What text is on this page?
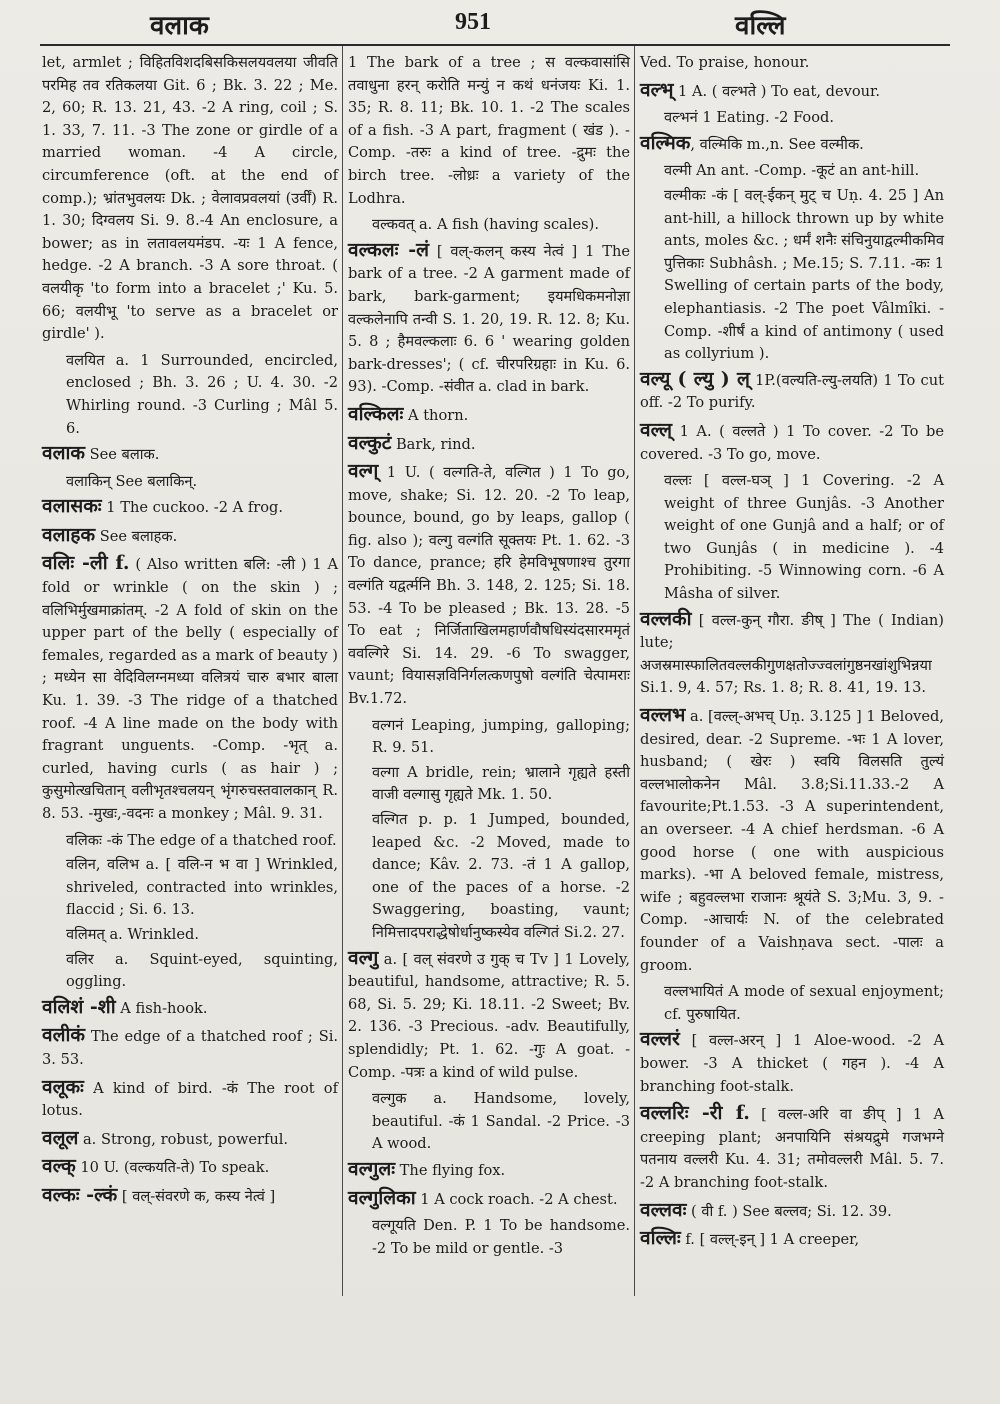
वलाक	951	वल्लि
let, armlet ; विहितविशदबिसकिसलयवलया जीवति परमिह तव रतिकलया Git. 6 ; Bk. 3. 22 ; Me. 2, 60; R. 13. 21, 43. -2 A ring, coil ; S. 1. 33, 7. 11. -3 The zone or girdle of a married woman. -4 A circle, circumference (oft. at the end of comp.); भ्रांतभुवलयः Dk. ; वेलावप्रवलयां (उर्वीं) R. 1. 30; दिग्वलय Si. 9. 8.-4 An enclosure, a bower; as in लतावलयमंडप. -यः 1 A fence, hedge. -2 A branch. -3 A sore throat. ( वलयीकृ 'to form into a bracelet ;' Ku. 5. 66; वलयीभू 'to serve as a bracelet or girdle' ).
वलयित a. 1 Surrounded, encircled, enclosed ; Bh. 3. 26 ; U. 4. 30. -2 Whirling round. -3 Curling ; Mâl 5. 6.
वलाक See बलाक.
वलाकिन् See बलाकिन्.
वलासकः 1 The cuckoo. -2 A frog.
वलाहक See बलाहक.
वलिः -ली f. ( Also written बलि: -ली ) 1 A fold or wrinkle ( on the skin ) ; वलिभिर्मुखमाक्रांतम्. -2 A fold of skin on the upper part of the belly ( especially of females, regarded as a mark of beauty ) ; मध्येन सा वेदिविलग्नमध्या वलित्रयं चारु बभार बाला Ku. 1. 39. -3 The ridge of a thatched roof. -4 A line made on the body with fragrant unguents. -Comp. -भृत् a. curled, having curls ( as hair ) ; कुसुमोत्खचितान् वलीभृतश्चलयन् भृंगरुचस्तवालकान् R. 8. 53. -मुखः,-वदनः a monkey ; Mâl. 9. 31.
वलिकः -कं The edge of a thatched roof.
वलिन, वलिभ a. [ वलि-न भ वा ] Wrinkled, shriveled, contracted into wrinkles, flaccid ; Si. 6. 13.
वलिमत् a. Wrinkled.
वलिर a. Squint-eyed, squinting, oggling.
वलिशं -शी A fish-hook.
वलीकं The edge of a thatched roof ; Si. 3. 53.
वलूकः A kind of bird. -कं The root of lotus.
वलूल a. Strong, robust, powerful.
वल्क् 10 U. (वल्कयति-ते) To speak.
वल्कः -ल्कं [ वल्-संवरणे क, कस्य नेत्वं ]
1 The bark of a tree ; स वल्कवासांसि तवाधुना हरन् करोति मन्युं न कथं धनंजयः Ki. 1. 35; R. 8. 11; Bk. 10. 1. -2 The scales of a fish. -3 A part, fragment ( खंड ). -Comp. -तरुः a kind of tree. -द्रुमः the birch tree. -लोध्रः a variety of the Lodhra.
वल्कवत् a. A fish (having scales).
वल्कलः -लं [ वल्-कलन् कस्य नेत्वं ] 1 The bark of a tree. -2 A garment made of bark, bark-garment; इयमधिकमनोज्ञा वल्कलेनापि तन्वी S. 1. 20, 19. R. 12. 8; Ku. 5. 8 ; हैमवल्कलाः 6. 6 ' wearing golden bark-dresses'; ( cf. चीरपरिग्रहाः in Ku. 6. 93). -Comp. -संवीत a. clad in bark.
वल्किलः A thorn.
वल्कुटं Bark, rind.
वल्ग् 1 U. ( वल्गति-ते, वल्गित ) 1 To go, move, shake; Si. 12. 20. -2 To leap, bounce, bound, go by leaps, gallop ( fig. also ); वल्गु वल्गंति सूक्तयः Pt. 1. 62. -3 To dance, prance; हरि हेमविभूषणाश्च तुरगा वल्गंति यद्वर्त्मनि Bh. 3. 148, 2. 125; Si. 18. 53. -4 To be pleased ; Bk. 13. 28. -5 To eat ; निर्जिताखिलमहार्णवौषधिस्यंदसारममृतं ववल्गिरे Si. 14. 29. -6 To swagger, vaunt; वियासज्ञविनिर्गलत्कणपुषो वल्गंति चेत्पामराः Bv.1.72.
वल्गनं Leaping, jumping, galloping; R. 9. 51.
वल्गा A bridle, rein; भ्रालाने गृह्यते हस्ती वाजी वल्गासु गृह्यते Mk. 1. 50.
वल्गित p. p. 1 Jumped, bounded, leaped &c. -2 Moved, made to dance; Kâv. 2. 73. -तं 1 A gallop, one of the paces of a horse. -2 Swaggering, boasting, vaunt; निमित्तादपराद्धेषोर्धानुष्कस्येव वल्गितं Si.2. 27.
वल्गु a. [ वल् संवरणे उ गुक् च Tv ] 1 Lovely, beautiful, handsome, attractive; R. 5. 68, Si. 5. 29; Ki. 18.11. -2 Sweet; Bv. 2. 136. -3 Precious. -adv. Beautifully, splendidly; Pt. 1. 62. -गुः A goat. -Comp. -पत्रः a kind of wild pulse.
वल्गुक a. Handsome, lovely, beautiful. -कं 1 Sandal. -2 Price. -3 A wood.
वल्गुलः The flying fox.
वल्गुलिका 1 A cock roach. -2 A chest.
वल्गूयति Den. P. 1 To be handsome. -2 To be mild or gentle. -3
Ved. To praise, honour.
वल्भ् 1 A. ( वल्भते ) To eat, devour.
वल्भनं 1 Eating. -2 Food.
वल्मिक, वल्मिकि m.,n. See वल्मीक.
वल्मी An ant. -Comp. -कूटं an ant-hill.
वल्मीकः -कं [ वल्-ईकन् मुट् च Uṇ. 4. 25 ] An ant-hill, a hillock thrown up by white ants, moles &c. ; धर्मं शनैः संचिनुयाद्वल्मीकमिव पुत्तिकाः Subhâsh. ; Me.15; S. 7.11. -कः 1 Swelling of certain parts of the body, elephantiasis. -2 The poet Vâlmîki. -Comp. -शीर्षं a kind of antimony ( used as collyrium ).
वल्यू ( ल्यु ) ल् 1P.(वल्यति-ल्यु-लयति) 1 To cut off. -2 To purify.
वल्ल् 1 A. ( वल्लते ) 1 To cover. -2 To be covered. -3 To go, move.
वल्लः [ वल्ल-घञ् ] 1 Covering. -2 A weight of three Gunjâs. -3 Another weight of one Gunjâ and a half; or of two Gunjâs ( in medicine ). -4 Prohibiting. -5 Winnowing corn. -6 A Mâsha of silver.
वल्लकी [ वल्ल-कुन् गौरा. ङीष् ] The ( Indian) lute; अजस्रमास्फालितवल्लकीगुणक्षतोज्ज्वलांगुष्ठनखांशुभिन्नया Si.1. 9, 4. 57; Rs. 1. 8; R. 8. 41, 19. 13.
वल्लभ a. [वल्ल्-अभच् Uṇ. 3.125 ] 1 Beloved, desired, dear. -2 Supreme. -भः 1 A lover, husband; ( खेरः ) स्वयि विलसति तुल्यं वल्लभालोकनेन Mâl. 3.8;Si.11.33.-2 A favourite;Pt.1.53. -3 A superintendent, an overseer. -4 A chief herdsman. -6 A good horse ( one with auspicious marks). -भा A beloved female, mistress, wife ; बहुवल्लभा राजानः श्रूयंते S. 3;Mu. 3, 9. -Comp. -आचार्यः N. of the celebrated founder of a Vaishṇava sect. -पालः a groom.
वल्लभायितं A mode of sexual enjoyment; cf. पुरुषायित.
वल्लरं [ वल्ल-अरन् ] 1 Aloe-wood. -2 A bower. -3 A thicket ( गहन ). -4 A branching foot-stalk.
वल्लरिः -री f. [ वल्ल-अरि वा ङीप् ] 1 A creeping plant; अनपायिनि संश्रयद्रुमे गजभग्ने पतनाय वल्लरी Ku. 4. 31; तमोवल्लरी Mâl. 5. 7. -2 A branching foot-stalk.
वल्लवः ( वी f. ) See बल्लव; Si. 12. 39.
वल्लिः f. [ वल्ल्-इन् ] 1 A creeper,
